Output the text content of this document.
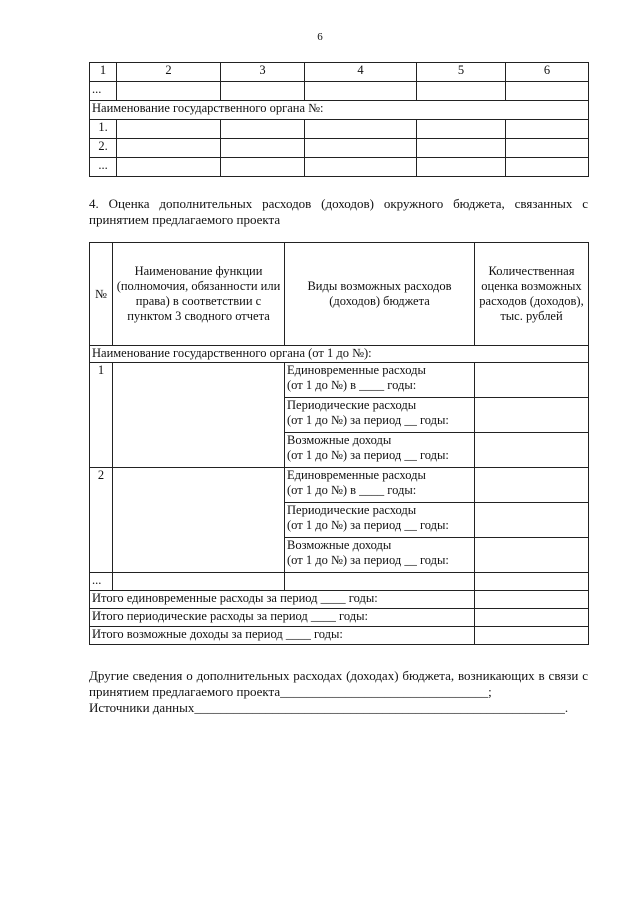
6
1	2	3	4	5	6
...					
Наименование государственного органа №:					
1.					
2.					
...					
4. Оценка дополнительных расходов (доходов) окружного бюджета, связанных с принятием предлагаемого проекта
№	Наименование функции (полномочия, обязанности или права) в соответствии с пунктом 3 сводного отчета	Виды возможных расходов (доходов) бюджета	Количественная оценка возможных расходов (доходов), тыс. рублей
Наименование государственного органа (от 1 до №):			
1		Единовременные расходы
(от 1 до №) в ____ годы:	

		Периодические расходы
(от 1 до №) за период __ годы:	

		Возможные доходы
(от 1 до №) за период __ годы:	

2		Единовременные расходы
(от 1 до №) в ____ годы:	

		Периодические расходы
(от 1 до №) за период __ годы:	

		Возможные доходы
(от 1 до №) за период __ годы:	

...			
Итого единовременные расходы за период ____ годы:			
Итого периодические расходы за период ____ годы:			
Итого возможные доходы за период ____ годы:			
Другие сведения о дополнительных расходах (доходах) бюджета, возникающих в связи с принятием предлагаемого проекта________________________________;
Источники данных_________________________________________________________.
